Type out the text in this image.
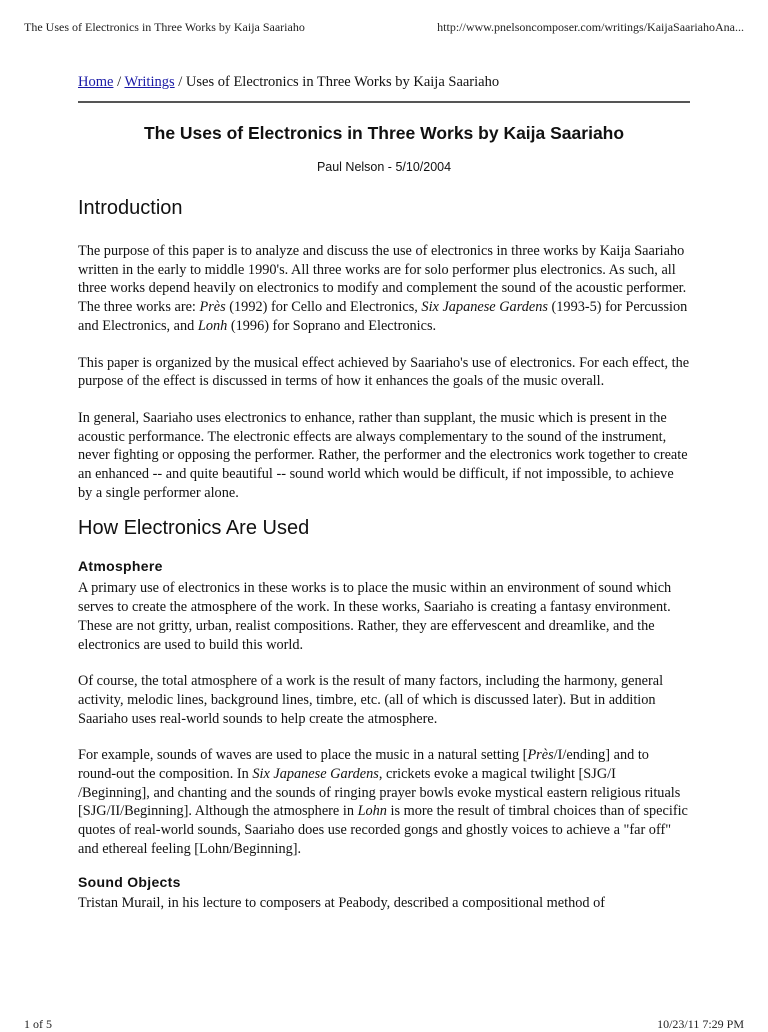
The Uses of Electronics in Three Works by Kaija Saariaho	http://www.pnelsoncomposer.com/writings/KaijaSaariahoAna...
Home / Writings / Uses of Electronics in Three Works by Kaija Saariaho
The Uses of Electronics in Three Works by Kaija Saariaho
Paul Nelson - 5/10/2004
Introduction

The purpose of this paper is to analyze and discuss the use of electronics in three works by Kaija Saariaho written in the early to middle 1990's. All three works are for solo performer plus electronics. As such, all three works depend heavily on electronics to modify and complement the sound of the acoustic performer. The three works are: Près (1992) for Cello and Electronics, Six Japanese Gardens (1993-5) for Percussion and Electronics, and Lonh (1996) for Soprano and Electronics.

This paper is organized by the musical effect achieved by Saariaho's use of electronics. For each effect, the purpose of the effect is discussed in terms of how it enhances the goals of the music overall.

In general, Saariaho uses electronics to enhance, rather than supplant, the music which is present in the acoustic performance. The electronic effects are always complementary to the sound of the instrument, never fighting or opposing the performer. Rather, the performer and the electronics work together to create an enhanced -- and quite beautiful -- sound world which would be difficult, if not impossible, to achieve by a single performer alone.

How Electronics Are Used
Atmosphere

A primary use of electronics in these works is to place the music within an environment of sound which serves to create the atmosphere of the work. In these works, Saariaho is creating a fantasy environment. These are not gritty, urban, realist compositions. Rather, they are effervescent and dreamlike, and the electronics are used to build this world.

Of course, the total atmosphere of a work is the result of many factors, including the harmony, general activity, melodic lines, background lines, timbre, etc. (all of which is discussed later). But in addition Saariaho uses real-world sounds to help create the atmosphere.

For example, sounds of waves are used to place the music in a natural setting [Près/I/ending] and to round-out the composition. In Six Japanese Gardens, crickets evoke a magical twilight [SJG/I /Beginning], and chanting and the sounds of ringing prayer bowls evoke mystical eastern religious rituals [SJG/II/Beginning]. Although the atmosphere in Lohn is more the result of timbral choices than of specific quotes of real-world sounds, Saariaho does use recorded gongs and ghostly voices to achieve a "far off" and ethereal feeling [Lohn/Beginning].

Sound Objects

Tristan Murail, in his lecture to composers at Peabody, described a compositional method of

1 of 5	10/23/11 7:29 PM
